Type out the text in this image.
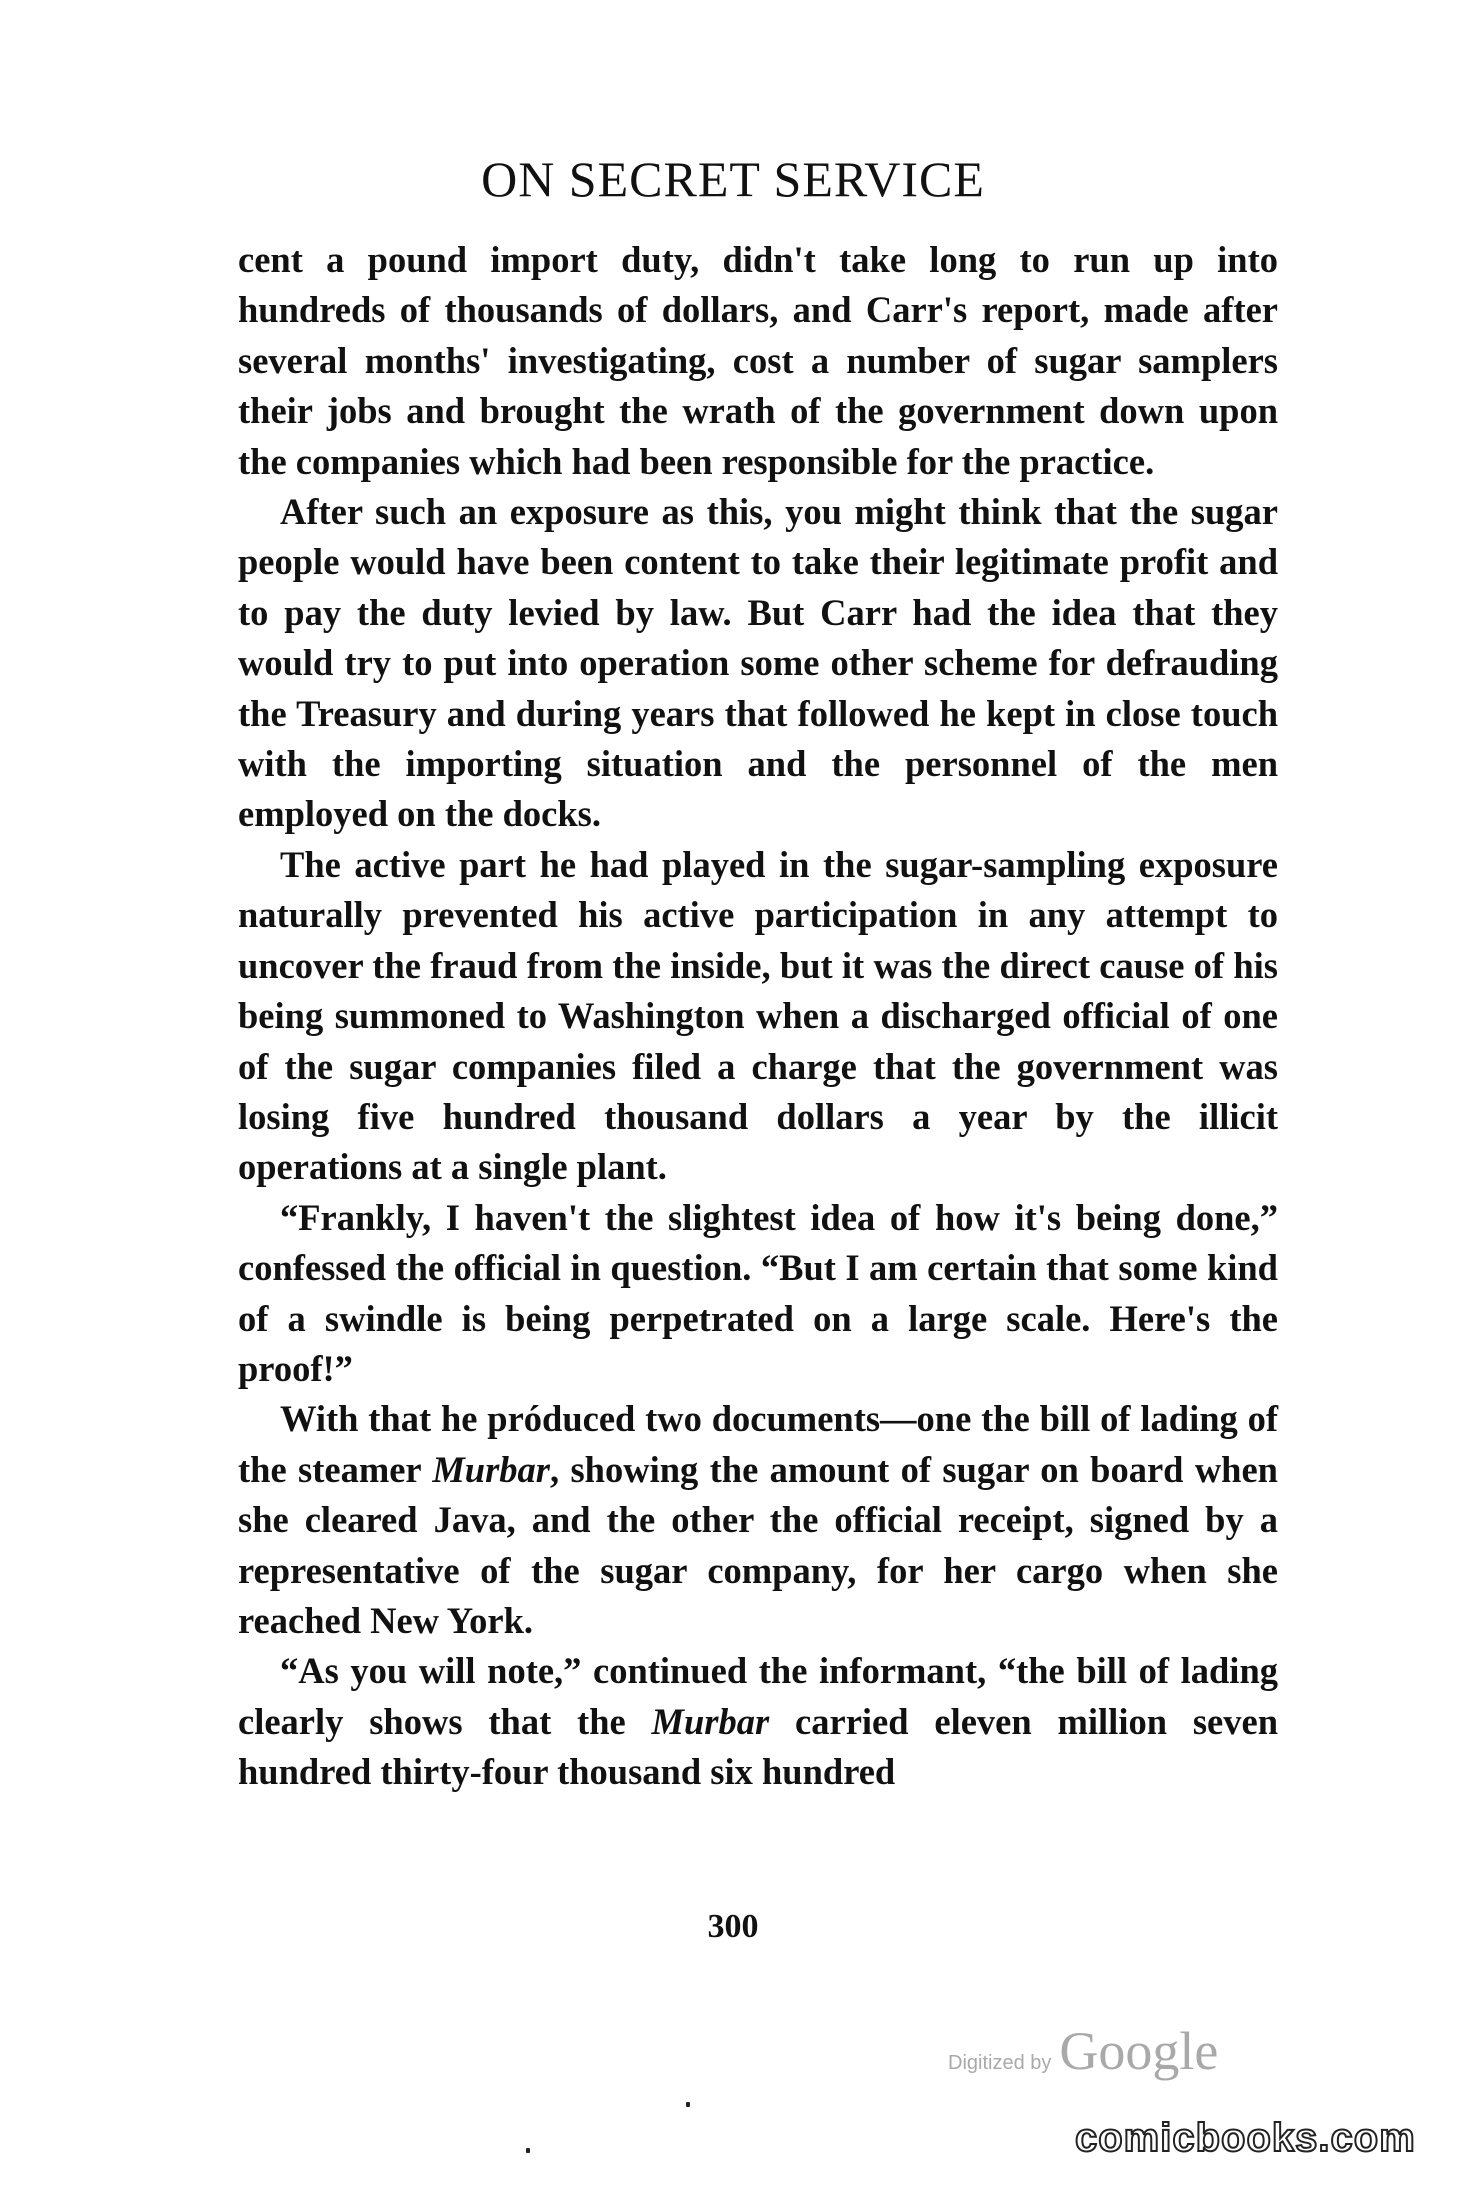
ON SECRET SERVICE

cent a pound import duty, didn't take long to run up into hundreds of thousands of dollars, and Carr's report, made after several months' investigating, cost a number of sugar samplers their jobs and brought the wrath of the government down upon the companies which had been responsible for the practice.

After such an exposure as this, you might think that the sugar people would have been content to take their legitimate profit and to pay the duty levied by law. But Carr had the idea that they would try to put into operation some other scheme for defrauding the Treasury and during years that followed he kept in close touch with the importing situation and the personnel of the men employed on the docks.

The active part he had played in the sugar-sampling exposure naturally prevented his active participation in any attempt to uncover the fraud from the inside, but it was the direct cause of his being summoned to Washington when a discharged official of one of the sugar companies filed a charge that the government was losing five hundred thousand dollars a year by the illicit operations at a single plant.

“Frankly, I haven't the slightest idea of how it's being done,” confessed the official in question. “But I am certain that some kind of a swindle is being perpetrated on a large scale. Here's the proof!”

With that he próduced two documents—one the bill of lading of the steamer Murbar, showing the amount of sugar on board when she cleared Java, and the other the official receipt, signed by a representative of the sugar company, for her cargo when she reached New York.

“As you will note,” continued the informant, “the bill of lading clearly shows that the Murbar carried eleven million seven hundred thirty-four thousand six hundred

300
Digitized by Google
comicbooks.com
